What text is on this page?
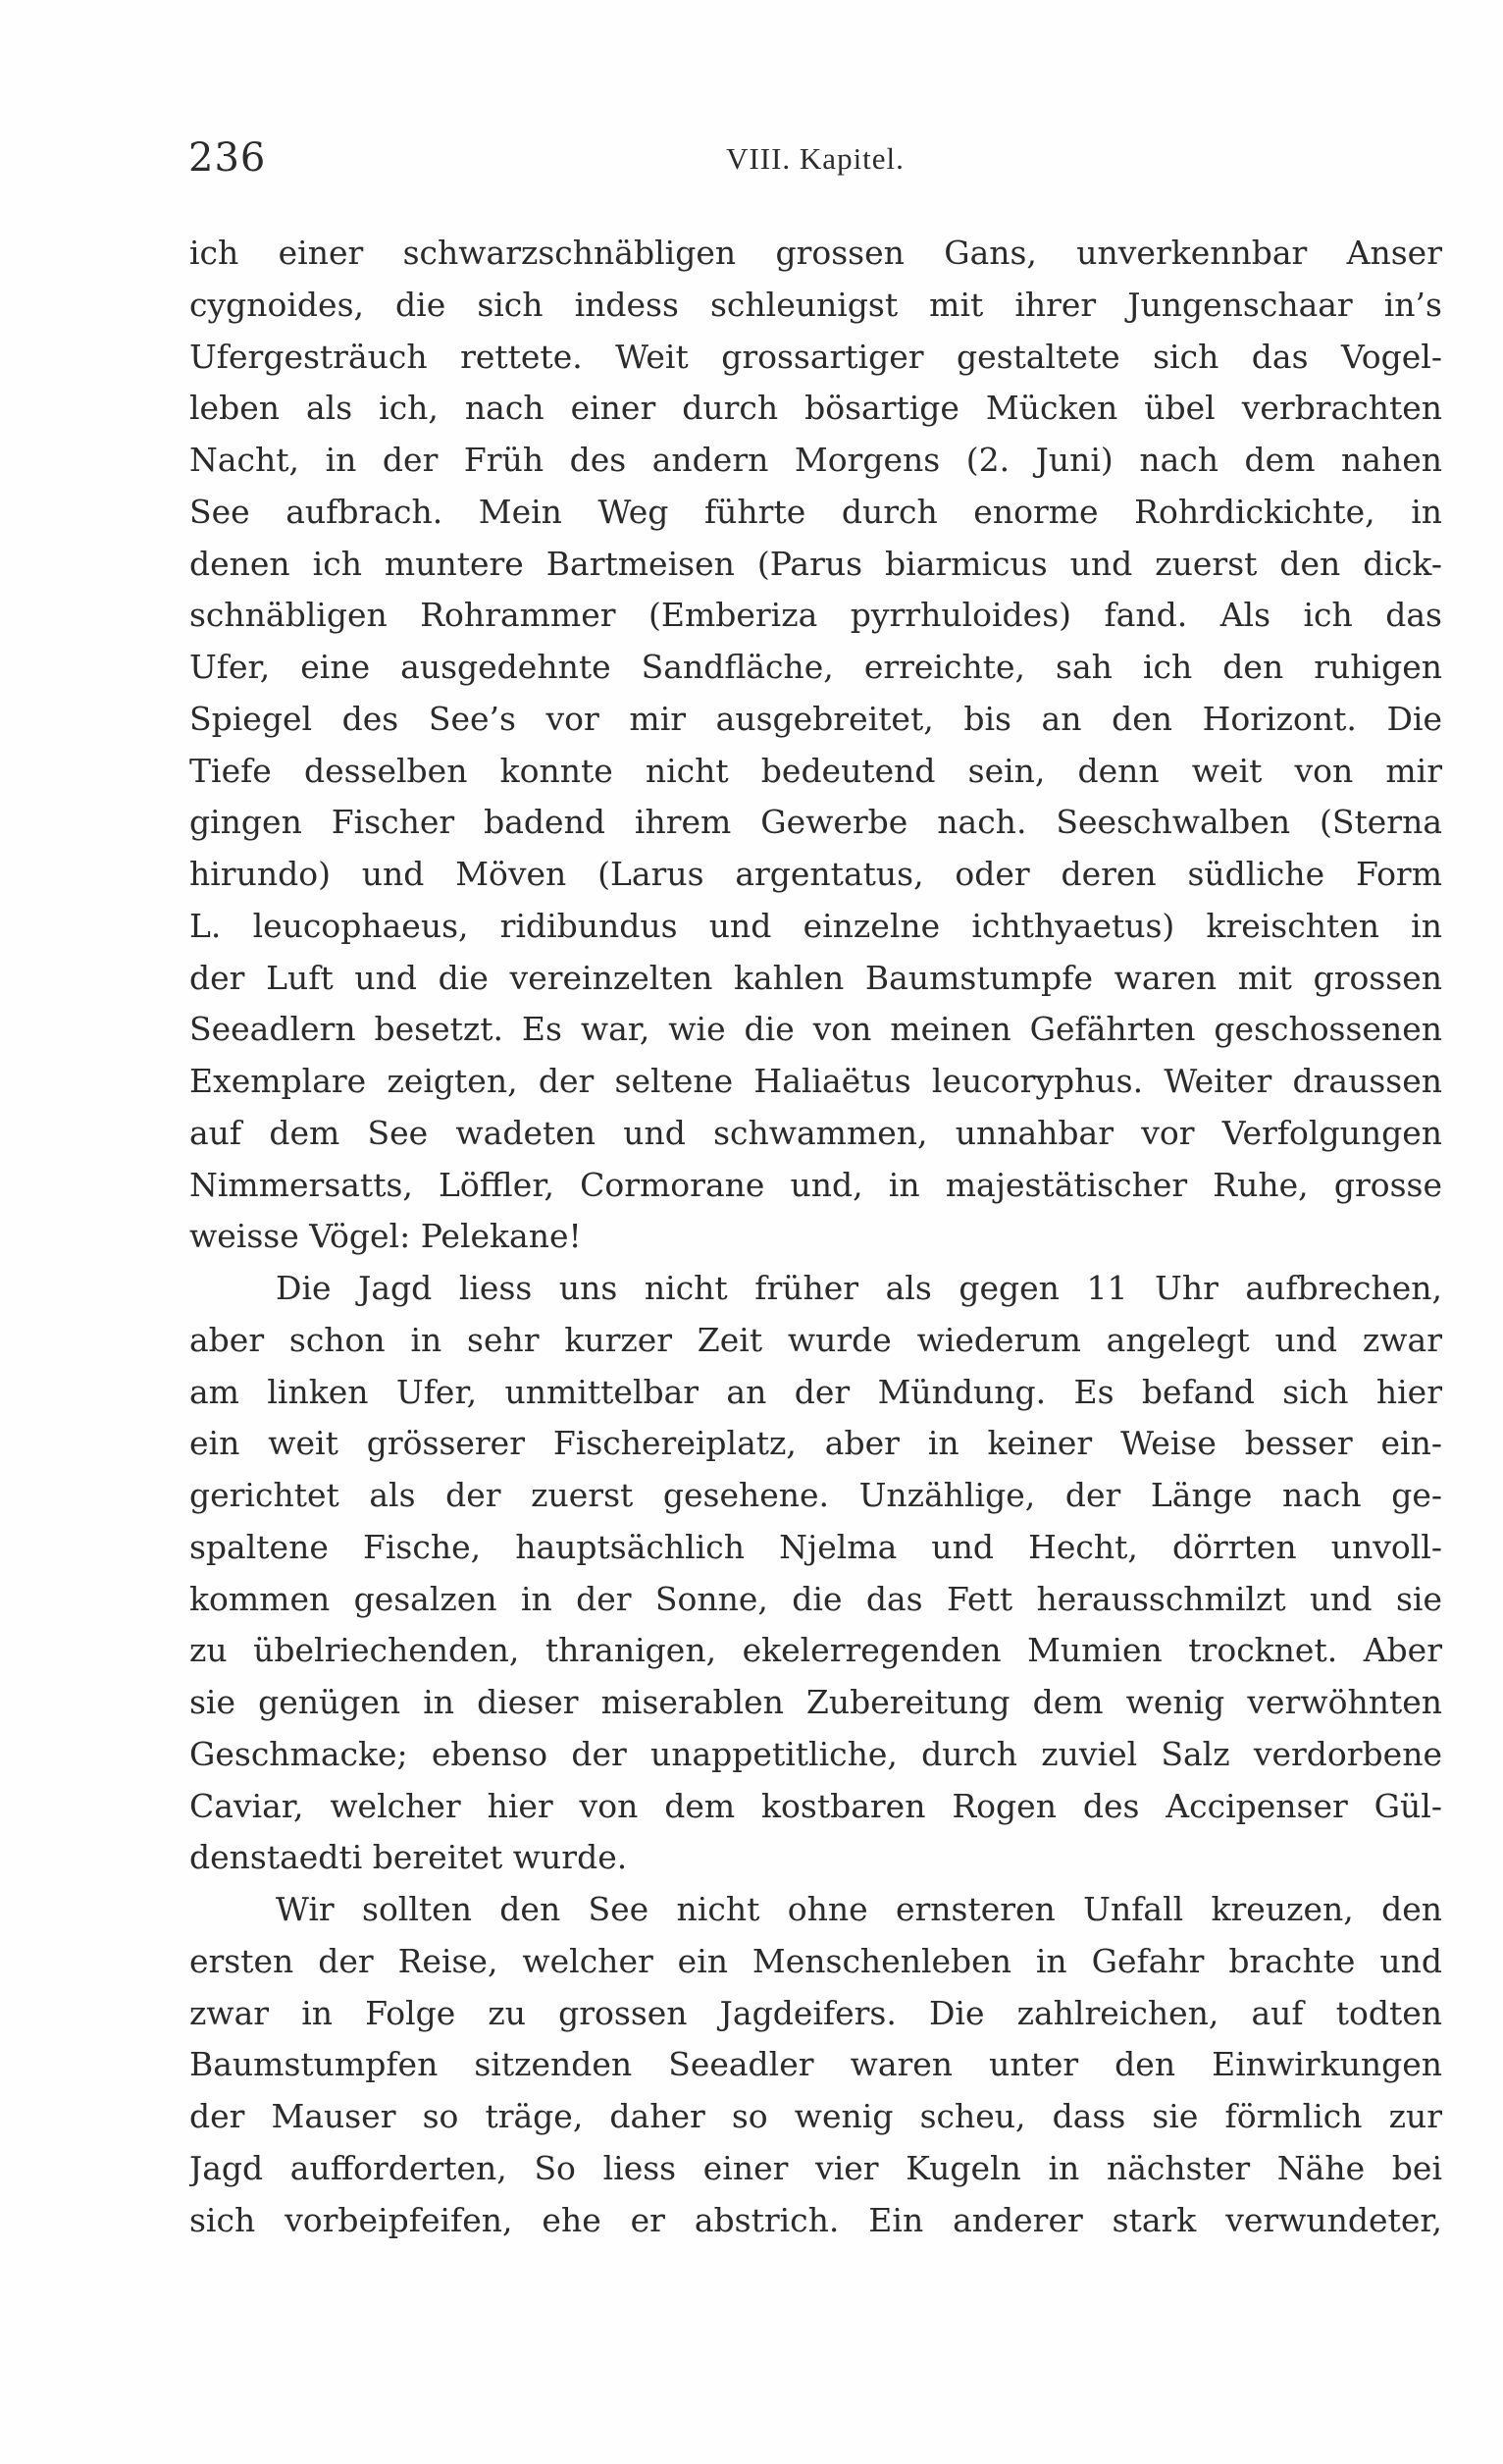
236	VIII. Kapitel.
ich einer schwarzschnäbligen grossen Gans, unverkennbar Anser
cygnoides, die sich indess schleunigst mit ihrer Jungenschaar in’s
Ufergesträuch rettete. Weit grossartiger gestaltete sich das Vogel-
leben als ich, nach einer durch bösartige Mücken übel verbrachten
Nacht, in der Früh des andern Morgens (2. Juni) nach dem nahen
See aufbrach. Mein Weg führte durch enorme Rohrdickichte, in
denen ich muntere Bartmeisen (Parus biarmicus und zuerst den dick-
schnäbligen Rohrammer (Emberiza pyrrhuloides) fand. Als ich das
Ufer, eine ausgedehnte Sandfläche, erreichte, sah ich den ruhigen
Spiegel des See’s vor mir ausgebreitet, bis an den Horizont. Die
Tiefe desselben konnte nicht bedeutend sein, denn weit von mir
gingen Fischer badend ihrem Gewerbe nach. Seeschwalben (Sterna
hirundo) und Möven (Larus argentatus, oder deren südliche Form
L. leucophaeus, ridibundus und einzelne ichthyaetus) kreischten in
der Luft und die vereinzelten kahlen Baumstumpfe waren mit grossen
Seeadlern besetzt. Es war, wie die von meinen Gefährten geschossenen
Exemplare zeigten, der seltene Haliaëtus leucoryphus. Weiter draussen
auf dem See wadeten und schwammen, unnahbar vor Verfolgungen
Nimmersatts, Löffler, Cormorane und, in majestätischer Ruhe, grosse
weisse Vögel: Pelekane!
Die Jagd liess uns nicht früher als gegen 11 Uhr aufbrechen,
aber schon in sehr kurzer Zeit wurde wiederum angelegt und zwar
am linken Ufer, unmittelbar an der Mündung. Es befand sich hier
ein weit grösserer Fischereiplatz, aber in keiner Weise besser ein-
gerichtet als der zuerst gesehene. Unzählige, der Länge nach ge-
spaltene Fische, hauptsächlich Njelma und Hecht, dörrten unvoll-
kommen gesalzen in der Sonne, die das Fett herausschmilzt und sie
zu übelriechenden, thranigen, ekelerregenden Mumien trocknet. Aber
sie genügen in dieser miserablen Zubereitung dem wenig verwöhnten
Geschmacke; ebenso der unappetitliche, durch zuviel Salz verdorbene
Caviar, welcher hier von dem kostbaren Rogen des Accipenser Gül-
denstaedti bereitet wurde.
Wir sollten den See nicht ohne ernsteren Unfall kreuzen, den
ersten der Reise, welcher ein Menschenleben in Gefahr brachte und
zwar in Folge zu grossen Jagdeifers. Die zahlreichen, auf todten
Baumstumpfen sitzenden Seeadler waren unter den Einwirkungen
der Mauser so träge, daher so wenig scheu, dass sie förmlich zur
Jagd aufforderten, So liess einer vier Kugeln in nächster Nähe bei
sich vorbeipfeifen, ehe er abstrich. Ein anderer stark verwundeter,
